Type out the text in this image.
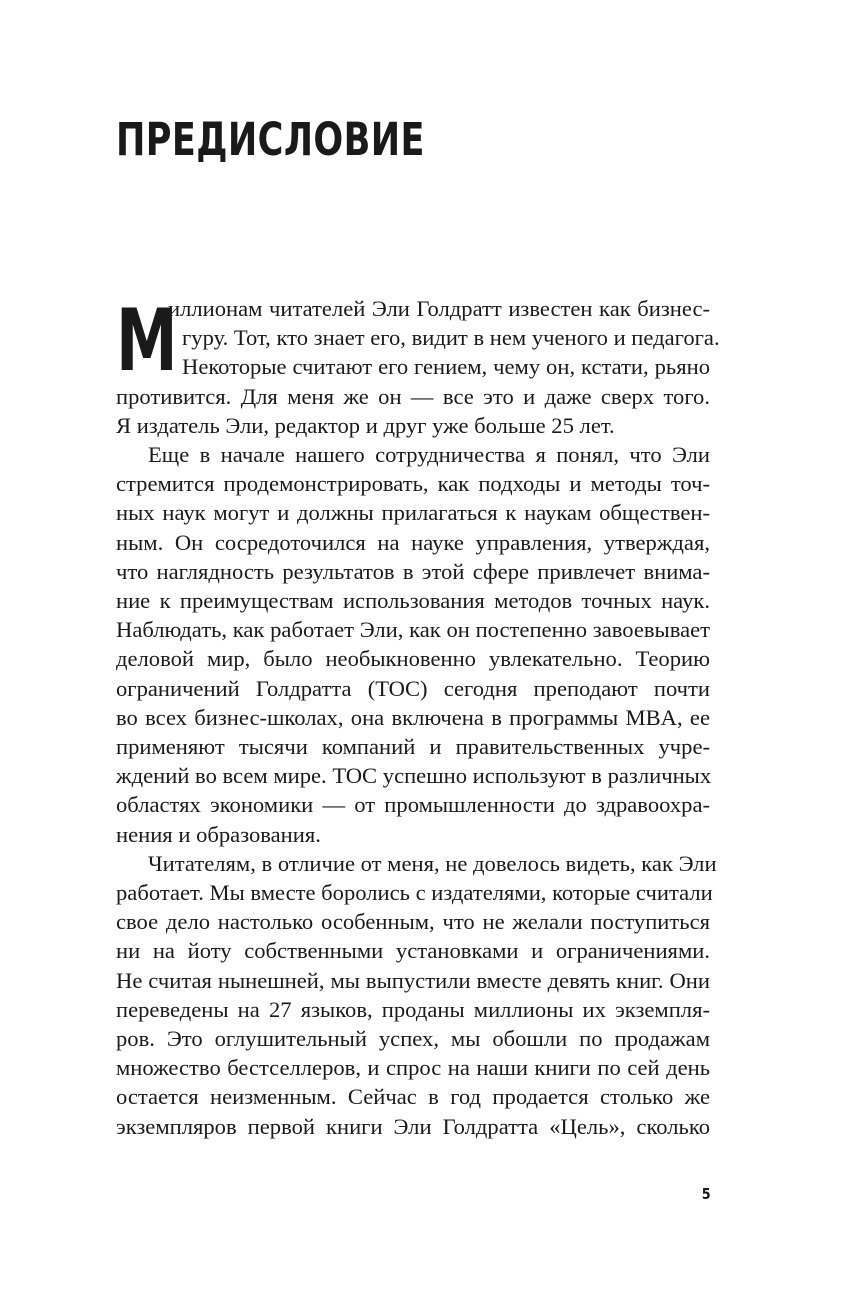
ПРЕДИСЛОВИЕ
М
иллионам читателей Эли Голдратт известен как бизнес-
гуру. Тот, кто знает его, видит в нем ученого и педагога.
Некоторые считают его гением, чему он, кстати, рьяно
противится. Для меня же он — все это и даже сверх того.
Я издатель Эли, редактор и друг уже больше 25 лет.
Еще в начале нашего сотрудничества я понял, что Эли
стремится продемонстрировать, как подходы и методы точ-
ных наук могут и должны прилагаться к наукам обществен-
ным. Он сосредоточился на науке управления, утверждая,
что наглядность результатов в этой сфере привлечет внима-
ние к преимуществам использования методов точных наук.
Наблюдать, как работает Эли, как он постепенно завоевывает
деловой мир, было необыкновенно увлекательно. Теорию
ограничений Голдратта (TOC) сегодня преподают почти
во всех бизнес-школах, она включена в программы MBA, ее
применяют тысячи компаний и правительственных учре-
ждений во всем мире. TOC успешно используют в различных
областях экономики — от промышленности до здравоохра-
нения и образования.
Читателям, в отличие от меня, не довелось видеть, как Эли
работает. Мы вместе боролись с издателями, которые считали
свое дело настолько особенным, что не желали поступиться
ни на йоту собственными установками и ограничениями.
Не считая нынешней, мы выпустили вместе девять книг. Они
переведены на 27 языков, проданы миллионы их экземпля-
ров. Это оглушительный успех, мы обошли по продажам
множество бестселлеров, и спрос на наши книги по сей день
остается неизменным. Сейчас в год продается столько же
экземпляров первой книги Эли Голдратта «Цель», сколько
5
